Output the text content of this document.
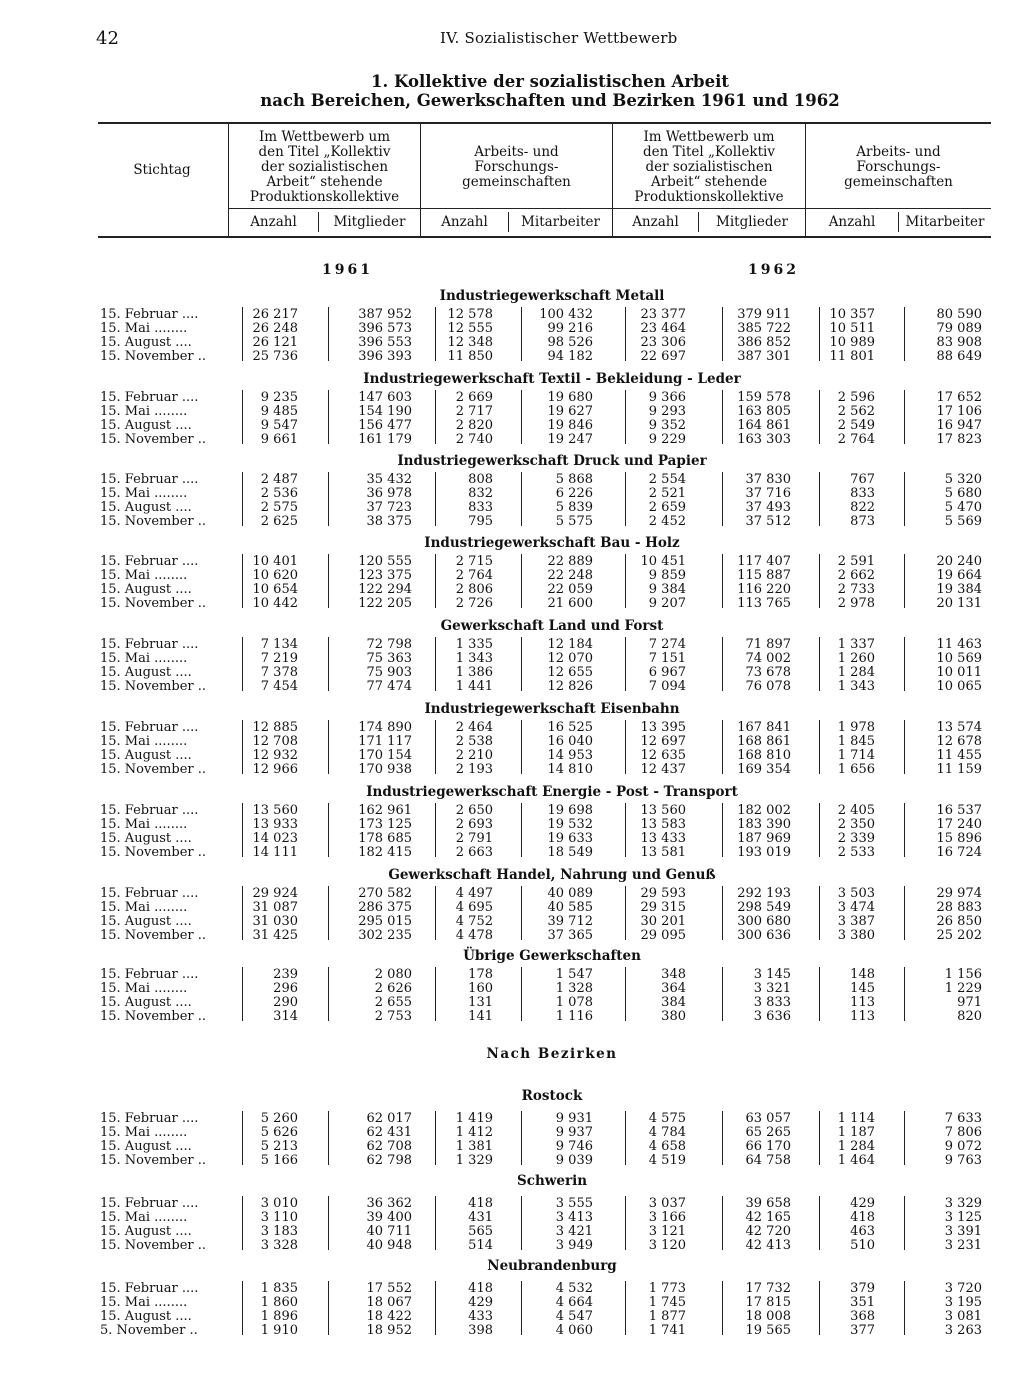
42	IV. Sozialistischer Wettbewerb
1. Kollektive der sozialistischen Arbeit
nach Bereichen, Gewerkschaften und Bezirken 1961 und 1962
Stichtag
Im Wettbewerb um
den Titel „Kollektiv
der sozialistischen
Arbeit“ stehende
Produktionskollektive
Arbeits- und
Forschungs-
gemeinschaften
Im Wettbewerb um
den Titel „Kollektiv
der sozialistischen
Arbeit“ stehende
Produktionskollektive
Arbeits- und
Forschungs-
gemeinschaften
Anzahl	Mitglieder	Anzahl	Mitarbeiter	Anzahl	Mitglieder	Anzahl	Mitarbeiter
1961	1962
Nach Bezirken
Industriegewerkschaft Metall
15. Februar ....	26 217	387 952	12 578	100 432	23 377	379 911	10 357	80 590
15. Mai ........	26 248	396 573	12 555	99 216	23 464	385 722	10 511	79 089
15. August ....	26 121	396 553	12 348	98 526	23 306	386 852	10 989	83 908
15. November ..	25 736	396 393	11 850	94 182	22 697	387 301	11 801	88 649
Industriegewerkschaft Textil - Bekleidung - Leder
15. Februar ....	9 235	147 603	2 669	19 680	9 366	159 578	2 596	17 652
15. Mai ........	9 485	154 190	2 717	19 627	9 293	163 805	2 562	17 106
15. August ....	9 547	156 477	2 820	19 846	9 352	164 861	2 549	16 947
15. November ..	9 661	161 179	2 740	19 247	9 229	163 303	2 764	17 823
Industriegewerkschaft Druck und Papier
15. Februar ....	2 487	35 432	808	5 868	2 554	37 830	767	5 320
15. Mai ........	2 536	36 978	832	6 226	2 521	37 716	833	5 680
15. August ....	2 575	37 723	833	5 839	2 659	37 493	822	5 470
15. November ..	2 625	38 375	795	5 575	2 452	37 512	873	5 569
Industriegewerkschaft Bau - Holz
15. Februar ....	10 401	120 555	2 715	22 889	10 451	117 407	2 591	20 240
15. Mai ........	10 620	123 375	2 764	22 248	9 859	115 887	2 662	19 664
15. August ....	10 654	122 294	2 806	22 059	9 384	116 220	2 733	19 384
15. November ..	10 442	122 205	2 726	21 600	9 207	113 765	2 978	20 131
Gewerkschaft Land und Forst
15. Februar ....	7 134	72 798	1 335	12 184	7 274	71 897	1 337	11 463
15. Mai ........	7 219	75 363	1 343	12 070	7 151	74 002	1 260	10 569
15. August ....	7 378	75 903	1 386	12 655	6 967	73 678	1 284	10 011
15. November ..	7 454	77 474	1 441	12 826	7 094	76 078	1 343	10 065
Industriegewerkschaft Eisenbahn
15. Februar ....	12 885	174 890	2 464	16 525	13 395	167 841	1 978	13 574
15. Mai ........	12 708	171 117	2 538	16 040	12 697	168 861	1 845	12 678
15. August ....	12 932	170 154	2 210	14 953	12 635	168 810	1 714	11 455
15. November ..	12 966	170 938	2 193	14 810	12 437	169 354	1 656	11 159
Industriegewerkschaft Energie - Post - Transport
15. Februar ....	13 560	162 961	2 650	19 698	13 560	182 002	2 405	16 537
15. Mai ........	13 933	173 125	2 693	19 532	13 583	183 390	2 350	17 240
15. August ....	14 023	178 685	2 791	19 633	13 433	187 969	2 339	15 896
15. November ..	14 111	182 415	2 663	18 549	13 581	193 019	2 533	16 724
Gewerkschaft Handel, Nahrung und Genuß
15. Februar ....	29 924	270 582	4 497	40 089	29 593	292 193	3 503	29 974
15. Mai ........	31 087	286 375	4 695	40 585	29 315	298 549	3 474	28 883
15. August ....	31 030	295 015	4 752	39 712	30 201	300 680	3 387	26 850
15. November ..	31 425	302 235	4 478	37 365	29 095	300 636	3 380	25 202
Übrige Gewerkschaften
15. Februar ....	239	2 080	178	1 547	348	3 145	148	1 156
15. Mai ........	296	2 626	160	1 328	364	3 321	145	1 229
15. August ....	290	2 655	131	1 078	384	3 833	113	971
15. November ..	314	2 753	141	1 116	380	3 636	113	820
Rostock
15. Februar ....	5 260	62 017	1 419	9 931	4 575	63 057	1 114	7 633
15. Mai ........	5 626	62 431	1 412	9 937	4 784	65 265	1 187	7 806
15. August ....	5 213	62 708	1 381	9 746	4 658	66 170	1 284	9 072
15. November ..	5 166	62 798	1 329	9 039	4 519	64 758	1 464	9 763
Schwerin
15. Februar ....	3 010	36 362	418	3 555	3 037	39 658	429	3 329
15. Mai ........	3 110	39 400	431	3 413	3 166	42 165	418	3 125
15. August ....	3 183	40 711	565	3 421	3 121	42 720	463	3 391
15. November ..	3 328	40 948	514	3 949	3 120	42 413	510	3 231
Neubrandenburg
15. Februar ....	1 835	17 552	418	4 532	1 773	17 732	379	3 720
15. Mai ........	1 860	18 067	429	4 664	1 745	17 815	351	3 195
15. August ....	1 896	18 422	433	4 547	1 877	18 008	368	3 081
5. November ..	1 910	18 952	398	4 060	1 741	19 565	377	3 263
